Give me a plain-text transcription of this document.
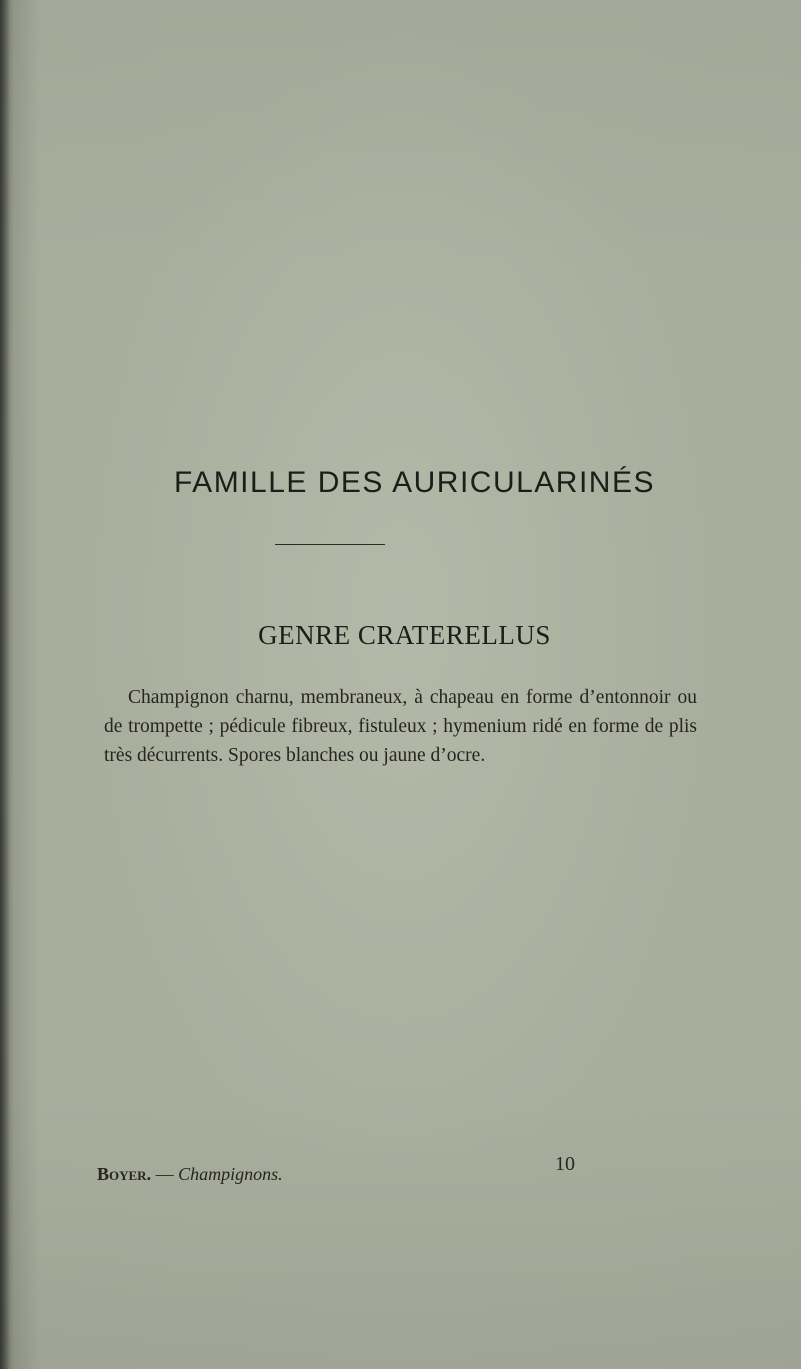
FAMILLE DES AURICULARINÉS
GENRE CRATERELLUS

Champignon charnu, membraneux, à chapeau en forme d’entonnoir ou de trompette ; pédicule fibreux, fistuleux ; hymenium ridé en forme de plis très décurrents. Spores blanches ou jaune d’ocre.

Boyer. — Champignons.	10
